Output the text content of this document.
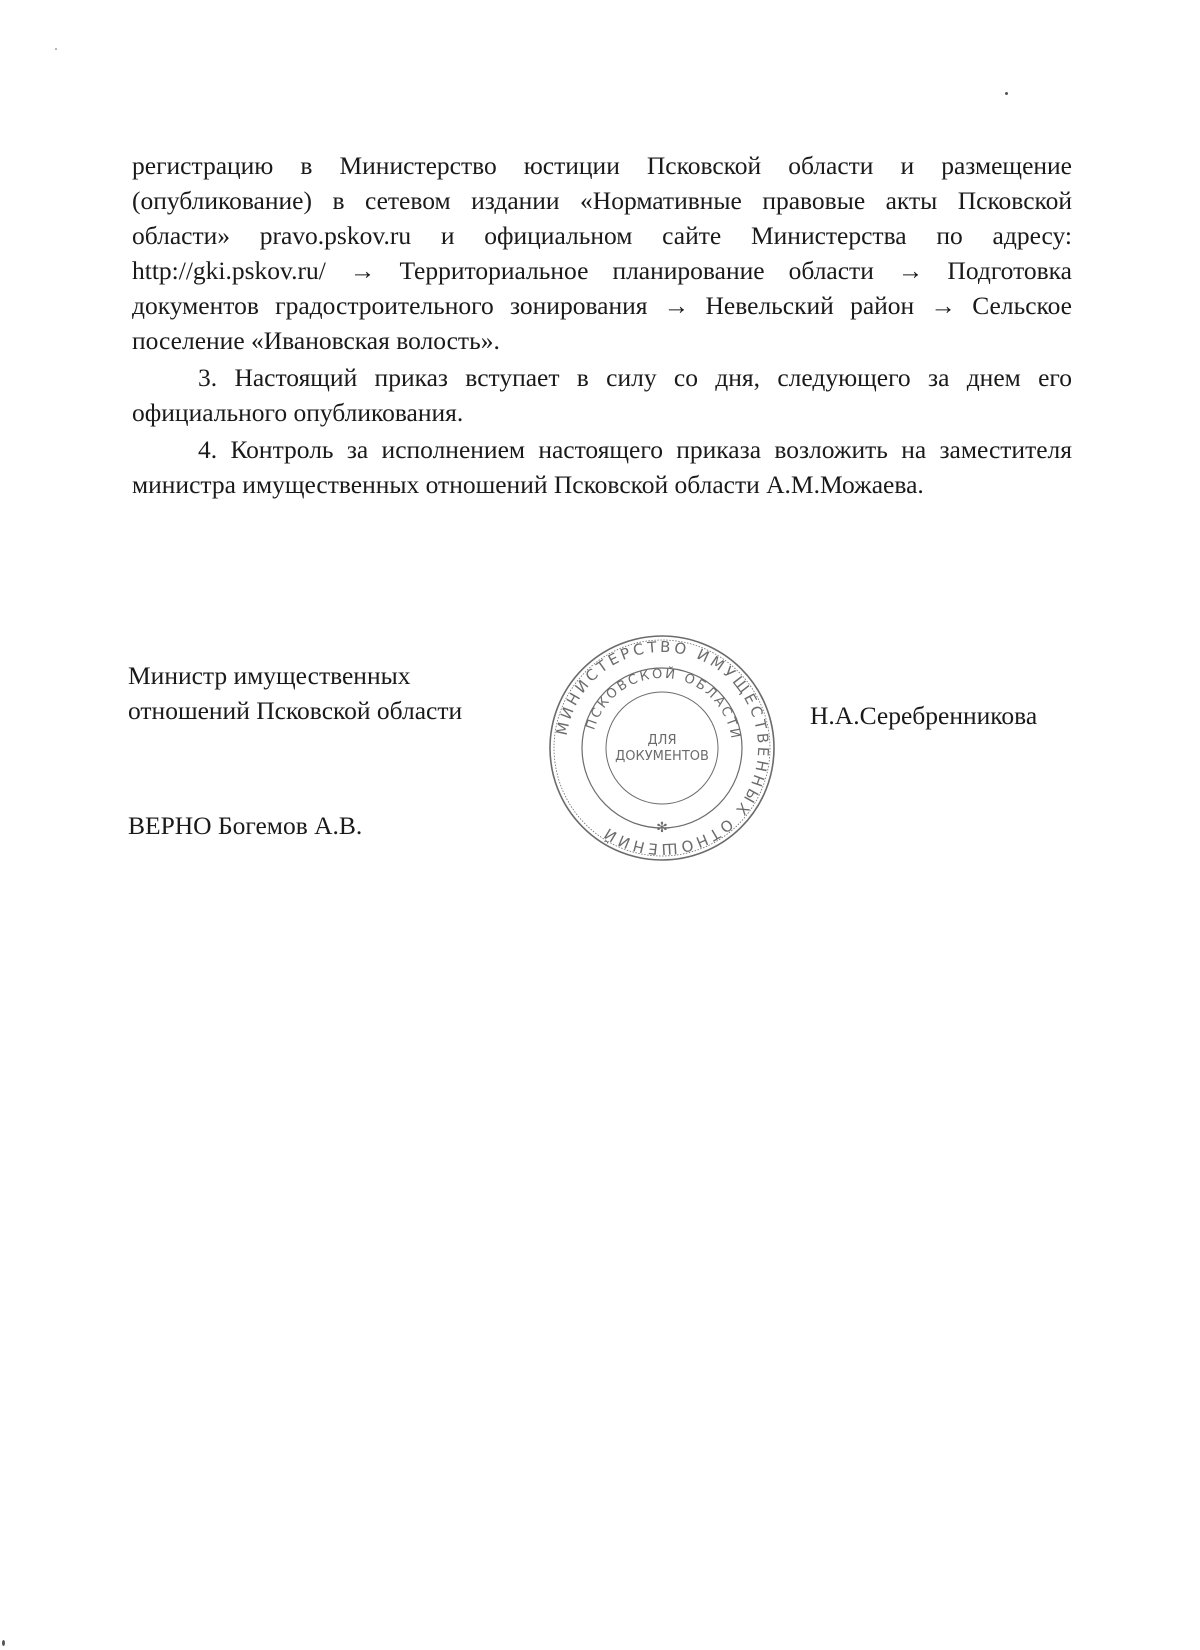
регистрацию в Министерство юстиции Псковской области и размещение (опубликование) в сетевом издании «Нормативные правовые акты Псковской области» pravo.pskov.ru и официальном сайте Министерства по адресу: http://gki.pskov.ru/ → Территориальное планирование области → Подготовка документов градостроительного зонирования → Невельский район → Сельское поселение «Ивановская волость».

3. Настоящий приказ вступает в силу со дня, следующего за днем его официального опубликования.

4. Контроль за исполнением настоящего приказа возложить на заместителя министра имущественных отношений Псковской области А.М.Можаева.

Министр имущественных
отношений Псковской области	Н.А.Серебренникова
ВЕРНО Богемов А.В.
МИНИСТЕРСТВО ИМУЩЕСТВЕННЫХ ОТНОШЕНИЙ
ПСКОВСКОЙ ОБЛАСТИ
ДЛЯ
ДОКУМЕНТОВ
✻
